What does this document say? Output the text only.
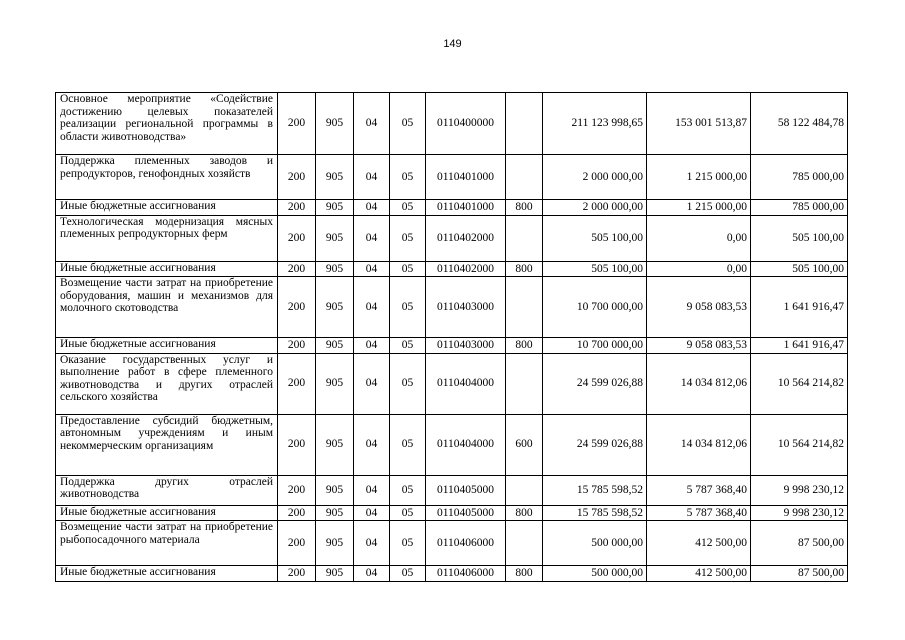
149
Основное мероприятие «Содействие достижению целевых показателей реализации региональной программы в области животноводства»	200	905	04	05	0110400000		211 123 998,65	153 001 513,87	58 122 484,78
Поддержка племенных заводов и репродукторов, генофондных хозяйств	200	905	04	05	0110401000		2 000 000,00	1 215 000,00	785 000,00
Иные бюджетные ассигнования	200	905	04	05	0110401000	800	2 000 000,00	1 215 000,00	785 000,00
Технологическая модернизация мясных племенных репродукторных ферм	200	905	04	05	0110402000		505 100,00	0,00	505 100,00
Иные бюджетные ассигнования	200	905	04	05	0110402000	800	505 100,00	0,00	505 100,00
Возмещение части затрат на приобретение оборудования, машин и механизмов для молочного скотоводства	200	905	04	05	0110403000		10 700 000,00	9 058 083,53	1 641 916,47
Иные бюджетные ассигнования	200	905	04	05	0110403000	800	10 700 000,00	9 058 083,53	1 641 916,47
Оказание государственных услуг и выполнение работ в сфере племенного животноводства и других отраслей сельского хозяйства	200	905	04	05	0110404000		24 599 026,88	14 034 812,06	10 564 214,82
Предоставление субсидий бюджетным, автономным учреждениям и иным некоммерческим организациям	200	905	04	05	0110404000	600	24 599 026,88	14 034 812,06	10 564 214,82
Поддержка других отраслей животноводства	200	905	04	05	0110405000		15 785 598,52	5 787 368,40	9 998 230,12
Иные бюджетные ассигнования	200	905	04	05	0110405000	800	15 785 598,52	5 787 368,40	9 998 230,12
Возмещение части затрат на приобретение рыбопосадочного материала	200	905	04	05	0110406000		500 000,00	412 500,00	87 500,00
Иные бюджетные ассигнования	200	905	04	05	0110406000	800	500 000,00	412 500,00	87 500,00
